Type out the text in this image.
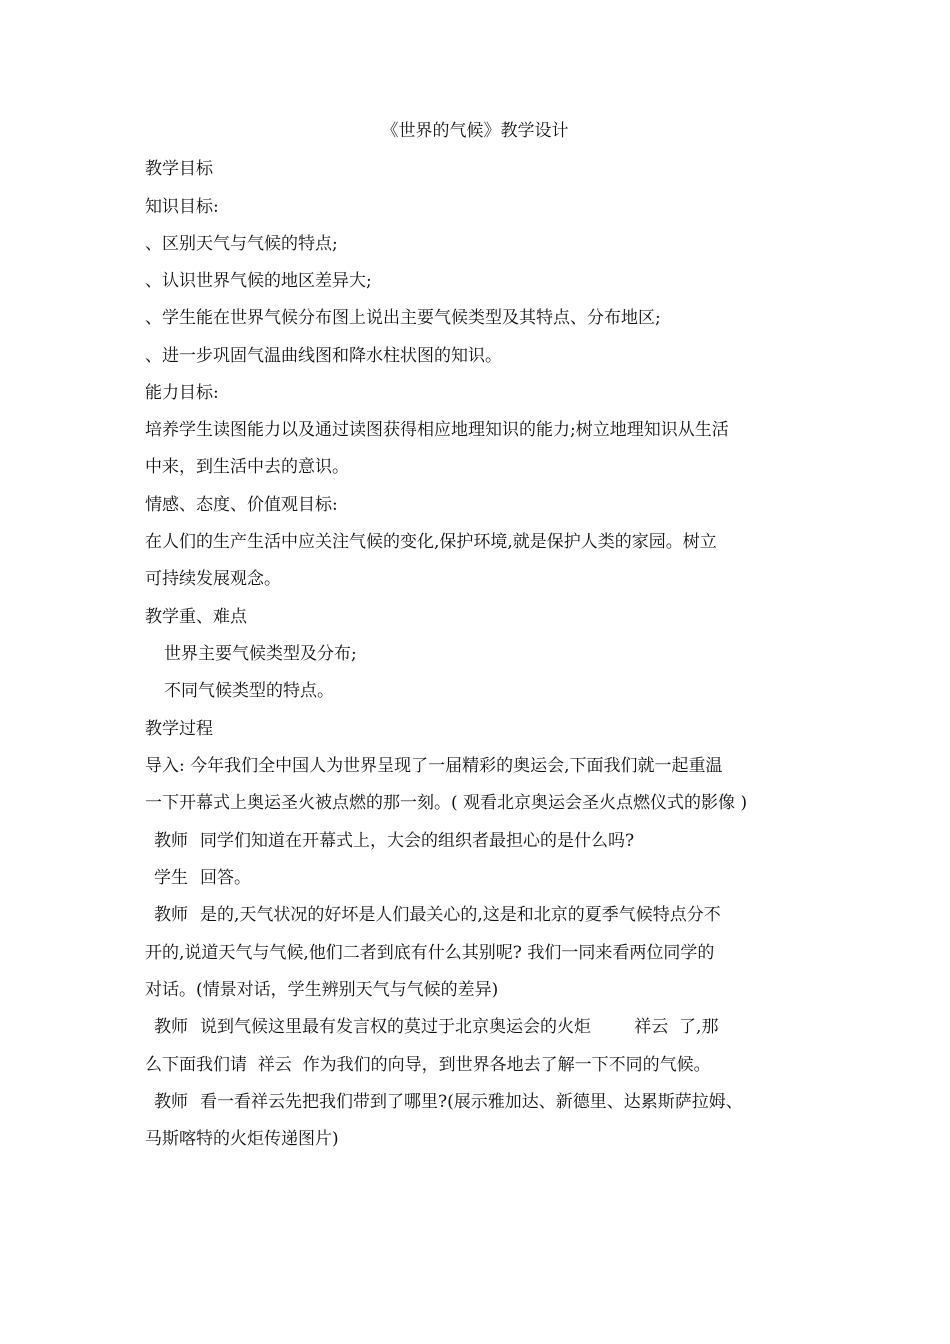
《世界的气候》教学设计
教学目标
知识目标:
、区别天气与气候的特点;
、认识世界气候的地区差异大;
、学生能在世界气候分布图上说出主要气候类型及其特点、分布地区;
、进一步巩固气温曲线图和降水柱状图的知识。
能力目标:
培养学生读图能力以及通过读图获得相应地理知识的能力;树立地理知识从生活
中来，到生活中去的意识。
情感、态度、价值观目标:
在人们的生产生活中应关注气候的变化,保护环境,就是保护人类的家园。树立
可持续发展观念。
教学重、难点
世界主要气候类型及分布;
不同气候类型的特点。
教学过程
导入: 今年我们全中国人为世界呈现了一届精彩的奥运会,下面我们就一起重温
一下开幕式上奥运圣火被点燃的那一刻。( 观看北京奥运会圣火点燃仪式的影像 )
教师 同学们知道在开幕式上，大会的组织者最担心的是什么吗?
学生 回答。
教师 是的,天气状况的好坏是人们最关心的,这是和北京的夏季气候特点分不
开的,说道天气与气候,他们二者到底有什么其别呢? 我们一同来看两位同学的
对话。(情景对话，学生辨别天气与气候的差异)
教师 说到气候这里最有发言权的莫过于北京奥运会的火炬        祥云  了,那
么下面我们请  祥云  作为我们的向导，到世界各地去了解一下不同的气候。
教师 看一看祥云先把我们带到了哪里?(展示雅加达、新德里、达累斯萨拉姆、
马斯喀特的火炬传递图片)
